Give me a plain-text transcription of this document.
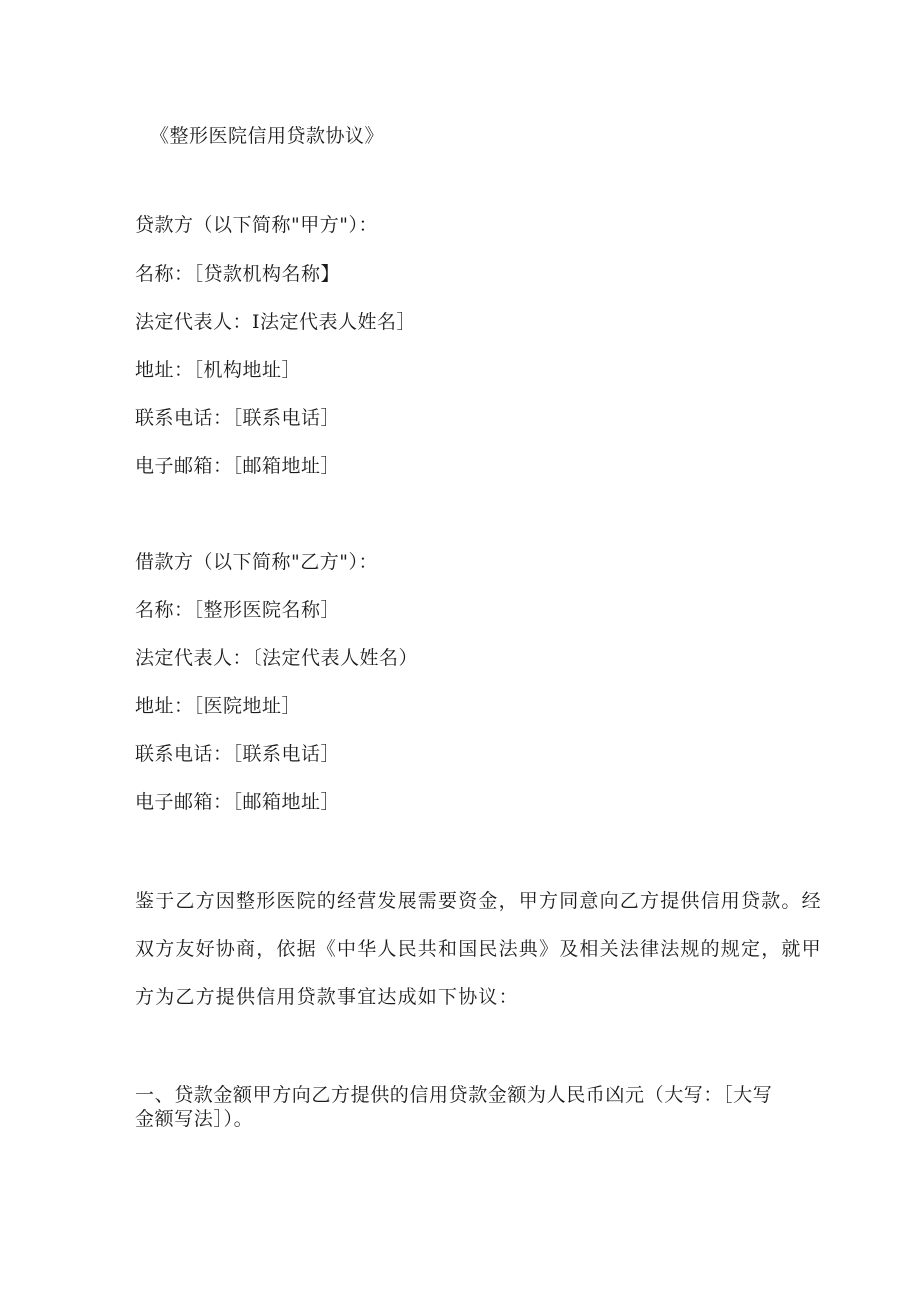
《整形医院信用贷款协议》
贷款方（以下简称"甲方"）：
名称：［贷款机构名称】
法定代表人：I法定代表人姓名］
地址：［机构地址］
联系电话：［联系电话］
电子邮箱：［邮箱地址］
借款方（以下简称"乙方"）：
名称：［整形医院名称］
法定代表人：〔法定代表人姓名）
地址：［医院地址］
联系电话：［联系电话］
电子邮箱：［邮箱地址］
鉴于乙方因整形医院的经营发展需要资金，甲方同意向乙方提供信用贷款。经
双方友好协商，依据《中华人民共和国民法典》及相关法律法规的规定，就甲
方为乙方提供信用贷款事宜达成如下协议：
一、贷款金额甲方向乙方提供的信用贷款金额为人民币凶元（大写：［大写金额写法］）。
